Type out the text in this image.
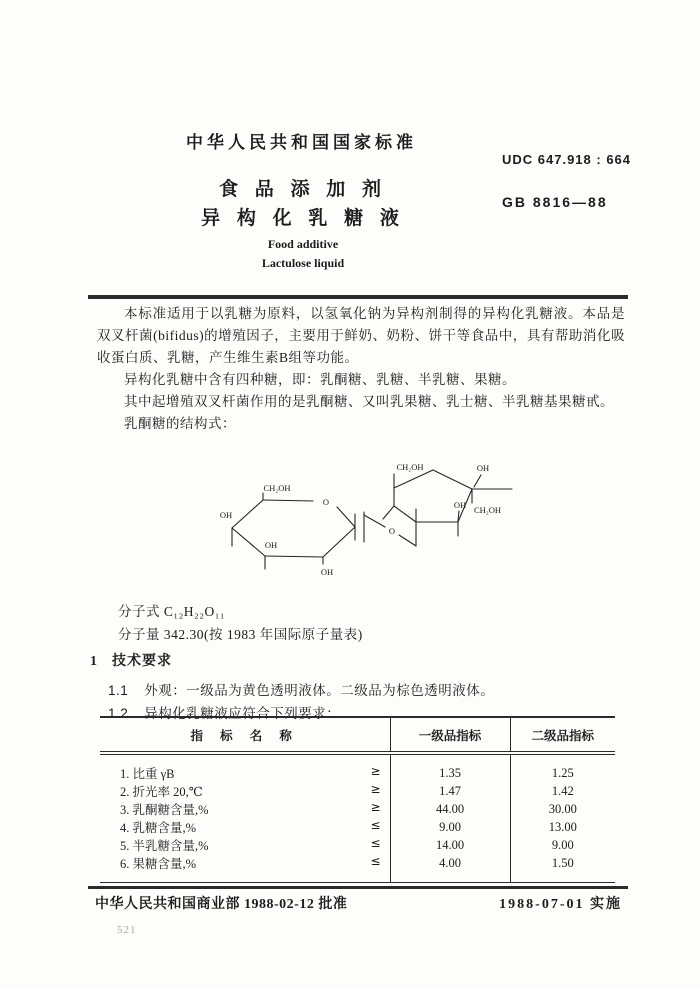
中华人民共和国国家标准
UDC 647.918 : 664
食 品 添 加 剂
异 构 化 乳 糖 液
GB 8816—88
Food additive
Lactulose liquid

本标准适用于以乳糖为原料，以氢氧化钠为异构剂制得的异构化乳糖液。本品是双叉杆菌(bifidus)的增殖因子，主要用于鲜奶、奶粉、饼干等食品中，具有帮助消化吸收蛋白质、乳糖，产生维生素B组等功能。

异构化乳糖中含有四种糖，即：乳酮糖、乳糖、半乳糖、果糖。

其中起增殖双叉杆菌作用的是乳酮糖、又叫乳果糖、乳士糖、半乳糖基果糖甙。

乳酮糖的结构式：

CH₂OH
O
OH
OH
OH
O
CH₂OH	OH
CH₂OH
OH
分子式 C₁₂H₂₂O₁₁
分子量 342.30(按 1983 年国际原子量表)
1 技术要求
1.1 外观：一级品为黄色透明液体。二级品为棕色透明液体。
1.2 异构化乳糖液应符合下列要求：
指 标 名 称	一级品指标	二级品指标
1. 比重 γB ≥	1.35	1.25
2. 折光率 20,℃ ≥	1.47	1.42
3. 乳酮糖含量,% ≥	44.00	30.00
4. 乳糖含量,% ≤	9.00	13.00
5. 半乳糖含量,% ≤	14.00	9.00
6. 果糖含量,% ≤	4.00	1.50
中华人民共和国商业部 1988-02-12 批准	1988-07-01 实施
521
